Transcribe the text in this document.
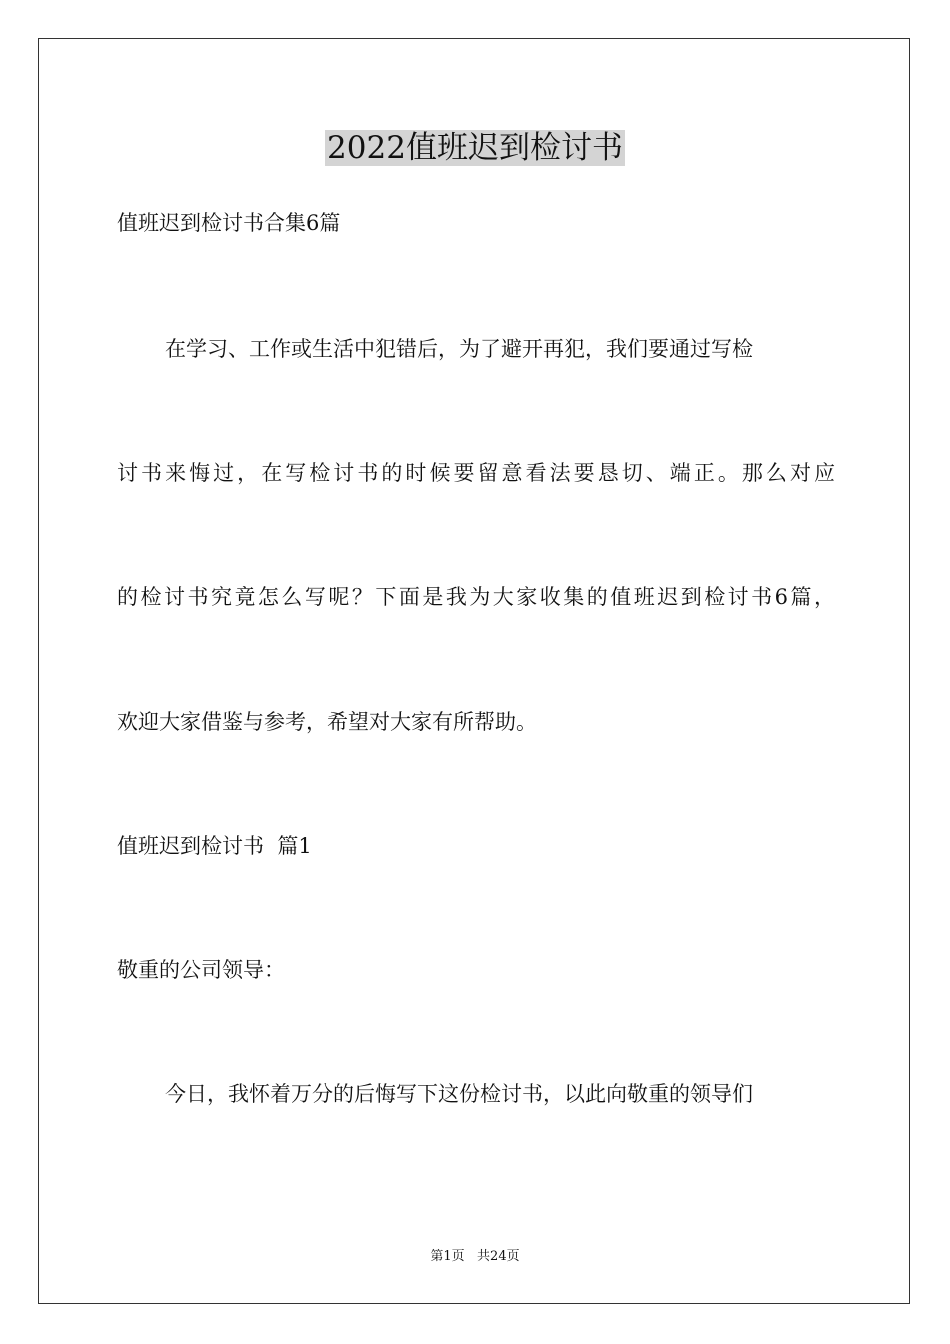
2022值班迟到检讨书
值班迟到检讨书合集6篇
在学习、工作或生活中犯错后，为了避开再犯，我们要通过写检
讨书来悔过，在写检讨书的时候要留意看法要恳切、端正。那么对应
的检讨书究竟怎么写呢？下面是我为大家收集的值班迟到检讨书6篇，
欢迎大家借鉴与参考，希望对大家有所帮助。
值班迟到检讨书  篇1
敬重的公司领导：
今日，我怀着万分的后悔写下这份检讨书，以此向敬重的领导们
第1页   共24页
